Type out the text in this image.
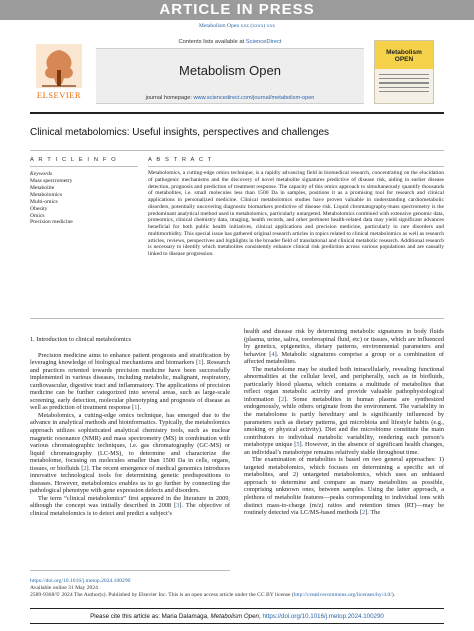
ARTICLE IN PRESS
Metabolism Open xxx (xxxx) xxx
ELSEVIER
Contents lists available at ScienceDirect
Metabolism Open
journal homepage: www.sciencedirect.com/journal/metabolism-open
Metabolism OPEN
Clinical metabolomics: Useful insights, perspectives and challenges
A R T I C L E I N F O	A B S T R A C T
Keywords
Mass spectrometry
Metabolite
Metabolomics
Multi-omics
Obesity
Omics
Precision medicine
Metabolomics, a cutting-edge omics technique, is a rapidly advancing field in biomedical research, concentrating on the elucidation of pathogenic mechanisms and the discovery of novel metabolite signatures predictive of disease risk, aiding in earlier disease detection, prognosis and prediction of treatment response. The capacity of this omics approach to simultaneously quantify thousands of metabolites, i.e. small molecules less than 1500 Da in samples, positions it as a promising tool for research and clinical applications in personalized medicine. Clinical metabolomics studies have proven valuable in understanding cardiometabolic disorders, potentially uncovering diagnostic biomarkers predictive of disease risk. Liquid chromatography-mass spectrometry is the predominant analytical method used in metabolomics, particularly untargeted. Metabolomics combined with extensive genomic data, proteomics, clinical chemistry data, imaging, health records, and other pertinent health-related data may yield significant advances beneficial for both public health initiatives, clinical applications and precision medicine, particularly in rare disorders and multimorbidity. This special issue has gathered original research articles in topics related to clinical metabolomics as well as research articles, reviews, perspectives and highlights in the broader field of translational and clinical metabolic research. Additional research is necessary to identify which metabolites consistently enhance clinical risk prediction across various populations and are causally linked to disease progression.
1. Introduction to clinical metabolomics

Precision medicine aims to enhance patient prognosis and stratification by leveraging knowledge of biological mechanisms and biomarkers [1]. Research and practices oriented towards precision medicine have been successfully implemented in various diseases, including metabolic, malignant, respiratory, cardiovascular, digestive tract and inflammatory. The applications of precision medicine can be further categorized into several areas, such as large-scale screening, early detection, molecular phenotyping and prognosis of disease as well as prediction of treatment response [1].

Metabolomics, a cutting-edge omics technique, has emerged due to the advance in analytical methods and bioinformatics. Typically, the metabolomics approach utilizes sophisticated analytical chemistry tools, such as nuclear magnetic resonance (NMR) and mass spectrometry (MS) in combination with various chromatographic techniques, i.e. gas chromatography (GC-MS) or liquid chromatography (LC-MS), to determine and characterize the metabolome, focusing on molecules smaller than 1500 Da in cells, organs, tissues, or biofluids [2]. The recent emergence of medical genomics introduces innovative technological tools for determining genetic predispositions to diseases. However, metabolomics enables us to go further by connecting the pathological phenotype with gene expression defects and disorders.

The term “clinical metabolomics” first appeared in the literature in 2009, although the concept was initially described in 2008 [3]. The objective of clinical metabolomics is to detect and predict a subject’s

health and disease risk by determining metabolic signatures in body fluids (plasma, urine, saliva, cerebrospinal fluid, etc) or tissues, which are influenced by genetics, epigenetics, dietary patterns, environmental parameters and behavior [4]. Metabolic signatures comprise a group or a combination of affected metabolites.

The metabolome may be studied both intracellularly, revealing functional abnormalities at the cellular level, and peripherally, such as in biofluids, particularly blood plasma, which contains a multitude of metabolites that reflect organ metabolic activity and provide valuable pathophysiological information [2]. Some metabolites in human plasma are synthesized endogenously, while others originate from the environment. The variability in the metabolome is partly hereditary and is significantly influenced by parameters such as dietary patterns, gut microbiota and lifestyle habits (e.g., smoking or physical activity). Diet and the microbiome constitute the main contributors to individual metabolic variability, rendering each person’s metabotype unique [5]. However, in the absence of significant health changes, an individual’s metabotype remains relatively stable throughout time.

The examination of metabolites is based on two general approaches: 1) targeted metabolomics, which focuses on determining a specific set of metabolites, and 2) untargeted metabolomics, which uses an unbiased approach to determine and compare as many metabolites as possible, comprising unknown ones, between samples. Using the latter approach, a plethora of metabolite features—peaks corresponding to individual ions with distinct mass-to-charge (m/z) ratios and retention times (RT)—may be routinely detected via LC/MS-based methods [2]. The

https://doi.org/10.1016/j.metop.2024.100290
Available online 31 May 2024
2589-9368/© 2024 The Author(s). Published by Elsevier Inc. This is an open access article under the CC BY license (http://creativecommons.org/licenses/by/4.0/).
Please cite this article as: Maria Dalamaga, Metabolism Open, https://doi.org/10.1016/j.metop.2024.100290
